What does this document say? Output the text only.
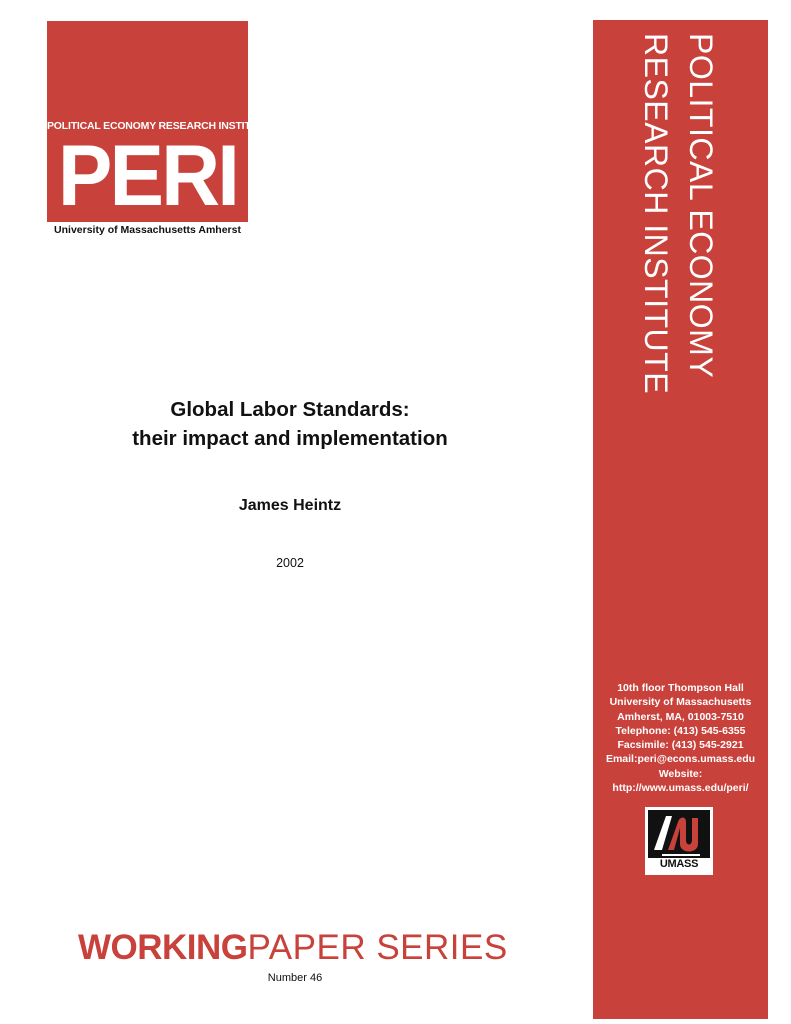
POLITICAL ECONOMY RESEARCH INSTITUTE
PERI
University of Massachusetts Amherst
Global Labor Standards:
their impact and implementation
James Heintz
2002
WORKINGPAPER SERIES
Number 46
POLITICAL ECONOMY
RESEARCH INSTITUTE
10th floor Thompson Hall
University of Massachusetts
Amherst, MA, 01003-7510
Telephone: (413) 545-6355
Facsimile: (413) 545-2921
Email:peri@econs.umass.edu
Website:
http://www.umass.edu/peri/
UMASS
